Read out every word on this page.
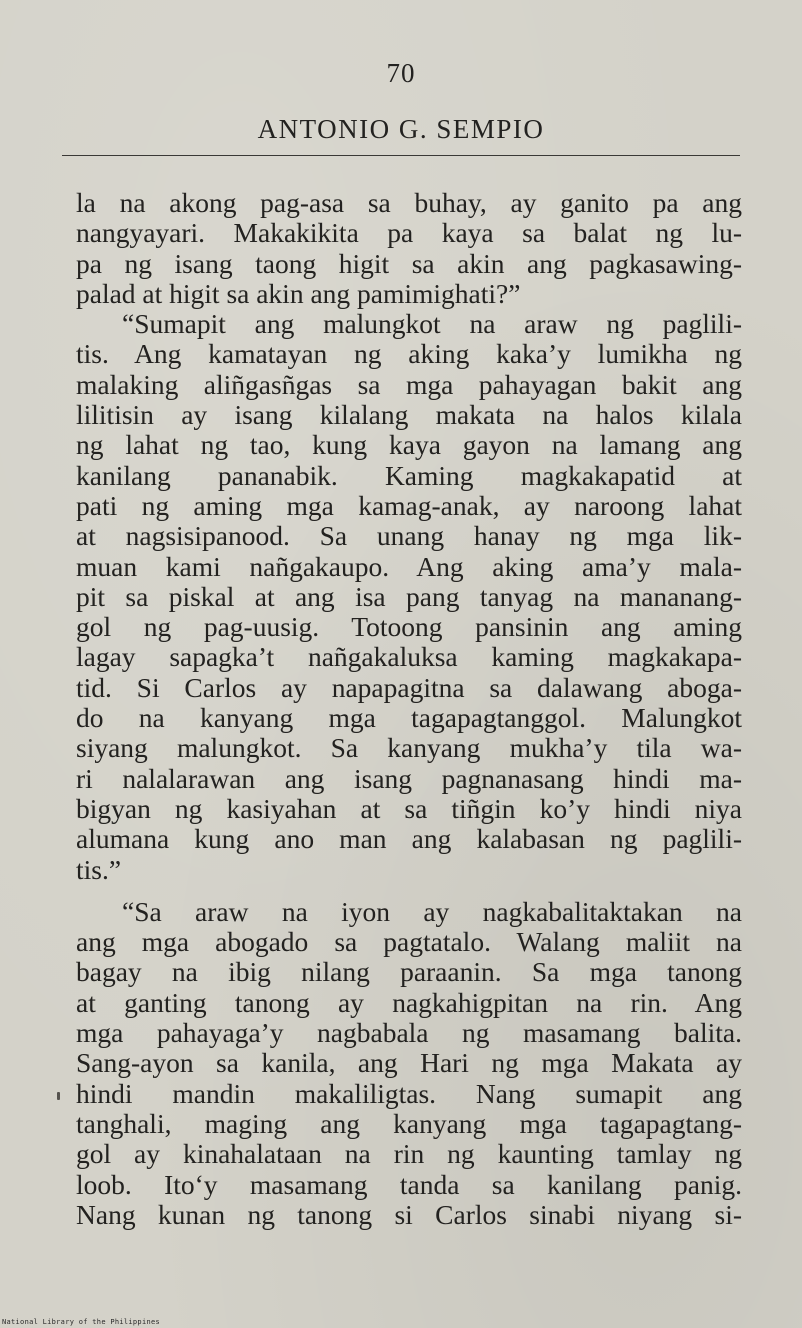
70
ANTONIO G. SEMPIO
la na akong pag-asa sa buhay, ay ganito pa ang
nangyayari. Makakikita pa kaya sa balat ng lu-
pa ng isang taong higit sa akin ang pagkasawing-
palad at higit sa akin ang pamimighati?”
“Sumapit ang malungkot na araw ng paglili-
tis. Ang kamatayan ng aking kaka’y lumikha ng
malaking aliñgasñgas sa mga pahayagan bakit ang
lilitisin ay isang kilalang makata na halos kilala
ng lahat ng tao, kung kaya gayon na lamang ang
kanilang pananabik. Kaming magkakapatid at
pati ng aming mga kamag-anak, ay naroong lahat
at nagsisipanood. Sa unang hanay ng mga lik-
muan kami nañgakaupo. Ang aking ama’y mala-
pit sa piskal at ang isa pang tanyag na mananang-
gol ng pag-uusig. Totoong pansinin ang aming
lagay sapagka’t nañgakaluksa kaming magkakapa-
tid. Si Carlos ay napapagitna sa dalawang aboga-
do na kanyang mga tagapagtanggol. Malungkot
siyang malungkot. Sa kanyang mukha’y tila wa-
ri nalalarawan ang isang pagnanasang hindi ma-
bigyan ng kasiyahan at sa tiñgin ko’y hindi niya
alumana kung ano man ang kalabasan ng paglili-
tis.”
“Sa araw na iyon ay nagkabalitaktakan na
ang mga abogado sa pagtatalo. Walang maliit na
bagay na ibig nilang paraanin. Sa mga tanong
at ganting tanong ay nagkahigpitan na rin. Ang
mga pahayaga’y nagbabala ng masamang balita.
Sang-ayon sa kanila, ang Hari ng mga Makata ay
hindi mandin makaliligtas. Nang sumapit ang
tanghali, maging ang kanyang mga tagapagtang-
gol ay kinahalataan na rin ng kaunting tamlay ng
loob. Ito‘y masamang tanda sa kanilang panig.
Nang kunan ng tanong si Carlos sinabi niyang si-
National Library of the Philippines
